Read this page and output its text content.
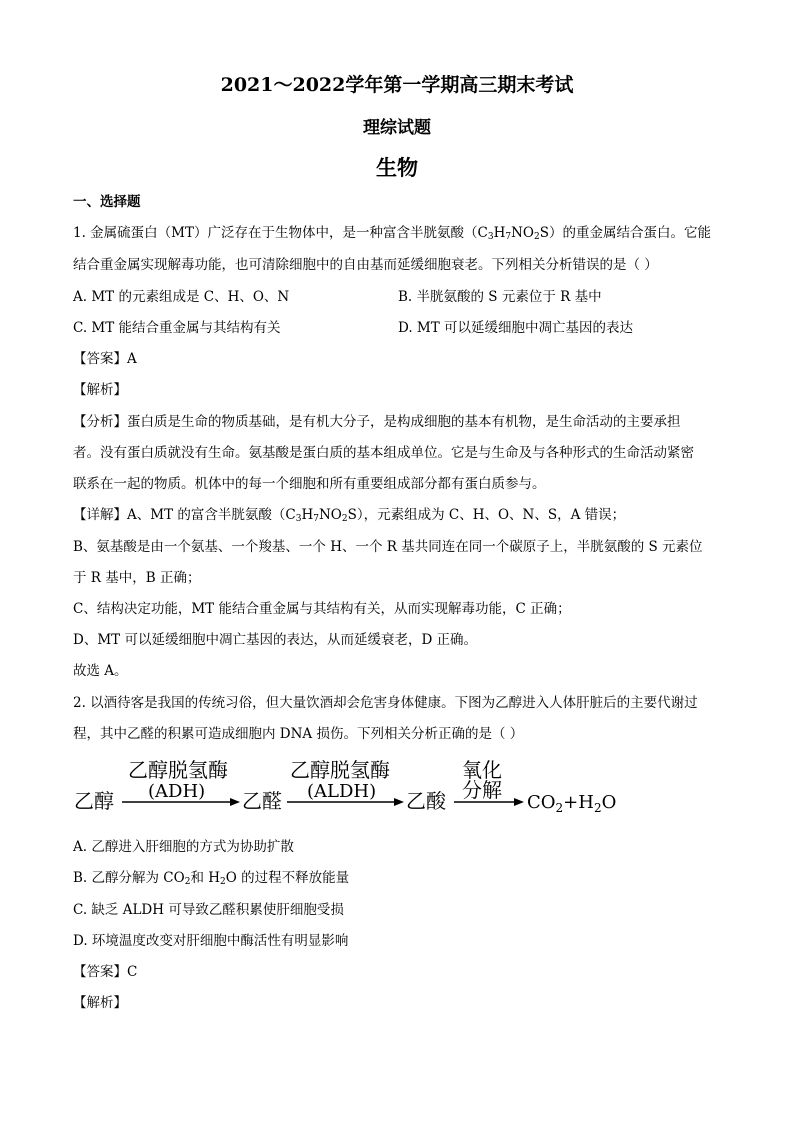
2021～2022学年第一学期高三期末考试
理综试题
生物
一、选择题
1. 金属硫蛋白（MT）广泛存在于生物体中，是一种富含半胱氨酸$(C_3H_7NO_2S)$的重金属结合蛋白。它能
结合重金属实现解毒功能，也可清除细胞中的自由基而延缓细胞衰老。下列相关分析错误的是（ ）
A. MT 的元素组成是 C、H、O、N	B. 半胱氨酸的 S 元素位于 R 基中
C. MT 能结合重金属与其结构有关	D. MT 可以延缓细胞中凋亡基因的表达
【答案】A
【解析】
【分析】蛋白质是生命的物质基础，是有机大分子，是构成细胞的基本有机物，是生命活动的主要承担
者。没有蛋白质就没有生命。氨基酸是蛋白质的基本组成单位。它是与生命及与各种形式的生命活动紧密
联系在一起的物质。机体中的每一个细胞和所有重要组成部分都有蛋白质参与。
【详解】A、MT 的富含半胱氨酸$(C_3H_7NO_2S)$，元素组成为 C、H、O、N、S，A 错误；
B、氨基酸是由一个氨基、一个羧基、一个 H、一个 R 基共同连在同一个碳原子上，半胱氨酸的 S 元素位
于 R 基中，B 正确；
C、结构决定功能，MT 能结合重金属与其结构有关，从而实现解毒功能，C 正确；
D、MT 可以延缓细胞中凋亡基因的表达，从而延缓衰老，D 正确。
故选 A。
2. 以酒待客是我国的传统习俗，但大量饮酒却会危害身体健康。下图为乙醇进入人体肝脏后的主要代谢过
程，其中乙醛的积累可造成细胞内 DNA 损伤。下列相关分析正确的是（ ）
乙醇
乙醇脱氢酶
(ADH) 乙醛
乙醇脱氢酶
(ALDH) 乙酸
氧化
分解
$CO_2+H_2O$
A. 乙醇进入肝细胞的方式为协助扩散
B. 乙醇分解为 $CO_2$和 $H_2O$ 的过程不释放能量
C. 缺乏 ALDH 可导致乙醛积累使肝细胞受损
D. 环境温度改变对肝细胞中酶活性有明显影响
【答案】C
【解析】
